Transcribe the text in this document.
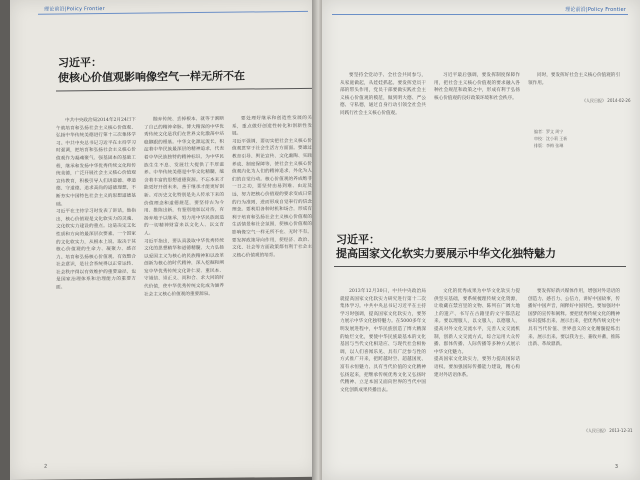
理论前沿|Policy Frontier
习近平：
使核心价值观影响像空气一样无所不在

中共中央政治局2014年2月24日下午就培育和弘扬社会主义核心价值观、弘扬中华传统美德进行第十三次集体学习。中共中央总书记习近平在主持学习时强调，把培育和弘扬社会主义核心价值观作为凝魂聚气、强基固本的基础工程，继承和发扬中华优秀传统文化和传统美德，广泛开展社会主义核心价值观宣传教育，积极引导人们讲道德、尊道德、守道德，追求高尚的道德理想，不断夯实中国特色社会主义的思想道德基础。
习近平在主持学习时发表了讲话。他指出，核心价值观是文化软实力的灵魂、文化软实力建设的重点。这是决定文化性质和方向的最深层次要素。一个国家的文化软实力，从根本上说，取决于其核心价值观的生命力、凝聚力、感召力。培育和弘扬核心价值观，有效整合社会意识，是社会系统得以正常运转、社会秩序得以有效维护的重要途径，也是国家治理体系和治理能力的重要方面。

抛弃传统、丢掉根本，就等于割断了自己的精神命脉。博大精深的中华优秀传统文化是我们在世界文化激荡中站稳脚跟的根基。中华文化源远流长，积淀着中华民族最深层的精神追求，代表着中华民族独特的精神标识，为中华民族生生不息、发展壮大提供了丰厚滋养。中华传统美德是中华文化精髓，蕴含着丰富的思想道德资源。不忘本来才能更好开创未来，善于继承才能更好创新。对历史文化特别是先人传承下来的价值理念和道德规范，要坚持古为今用、推陈出新，有鉴别地加以对待，有扬弃地予以继承，努力用中华民族创造的一切精神财富来以文化人、以文育人。
习近平指出，要认真汲取中华优秀传统文化的思想精华和道德精髓，大力弘扬以爱国主义为核心的民族精神和以改革创新为核心的时代精神，深入挖掘和阐发中华优秀传统文化讲仁爱、重民本、守诚信、崇正义、尚和合、求大同的时代价值，使中华优秀传统文化成为涵养社会主义核心价值观的重要源泉。

要处理好继承和创造性发展的关系，重点做好创造性转化和创新性发展。
习近平强调，要切实把社会主义核心价值观贯穿于社会生活方方面面。要通过教育引导、舆论宣传、文化熏陶、实践养成、制度保障等，使社会主义核心价值观内化为人们的精神追求，外化为人们的自觉行动。核心价值观的养成绝非一日之功，要坚持由易到难、由近及远，努力把核心价值观的要求变成日常的行为准则，进而形成自觉奉行的信念理念。要利用各种时机和场合，形成有利于培育和弘扬社会主义核心价值观的生活情景和社会氛围，使核心价值观的影响像空气一样无所不在、无时不有。要发挥政策导向作用，使经济、政治、文化、社会等方面政策都有利于社会主义核心价值观的培育。

2
理论前沿|Policy Frontier

要坚持全党动手、全社会共同参与，从家庭做起，从娃娃抓起。要发挥党员干部的带头作用，党员干部要做实践社会主义核心价值观的模范，做到明大德、严公德、守私德，通过自身行动引领全社会共同践行社会主义核心价值观。

习近平最后强调，要发挥制度保障作用，把社会主义核心价值观的要求融入各种社会规范和政策之中，形成有利于弘扬核心价值观的良好政策环境和社会秩序。

同时，要发挥好社会主义核心价值观的引领作用。

《人民日报》 2014-02-26
编者：罗文 周宁
审校：沈小莉 王新
排版：李梅 张琳
习近平：
提高国家文化软实力要展示中华文化独特魅力

2013年12月30日，中共中央政治局就提高国家文化软实力研究进行第十二次集体学习。中共中央总书记习近平在主持学习时强调，提高国家文化软实力，要努力展示中华文化独特魅力。在5000多年文明发展进程中，中华民族创造了博大精深的灿烂文化，要使中华民族最基本的文化基因与当代文化相适应、与现代社会相协调，以人们喜闻乐见、具有广泛参与性的方式推广开来，把跨越时空、超越国度、富有永恒魅力、具有当代价值的文化精神弘扬起来，把继承传统优秀文化又弘扬时代精神、立足本国又面向世界的当代中国文化创新成果传播出去。

文化的优秀成果为中华文化软实力提供坚实基础，要系统梳理传统文化资源，让收藏在禁宫里的文物、陈列在广阔大地上的遗产、书写在古籍里的文字都活起来。要以理服人，以文服人，以德服人，提高对外文化交流水平，完善人文交流机制，创新人文交流方式，综合运用大众传播、群体传播、人际传播等多种方式展示中华文化魅力。
提高国家文化软实力，要努力提高国际话语权。要加强国际传播能力建设，精心构建对外话语体系。

要发挥好新兴媒体作用，增强对外话语的创造力、感召力、公信力，讲好中国故事，传播好中国声音，阐释好中国特色。要加强对中国梦的宣传和阐释。要把优秀传统文化的精神标识提炼出来、展示出来，把优秀传统文化中具有当代价值、世界意义的文化精髓提炼出来、展示出来。要以我为主、兼收并蓄，推陈出新、革故鼎新。

《人民日报》 2013-12-31
3
